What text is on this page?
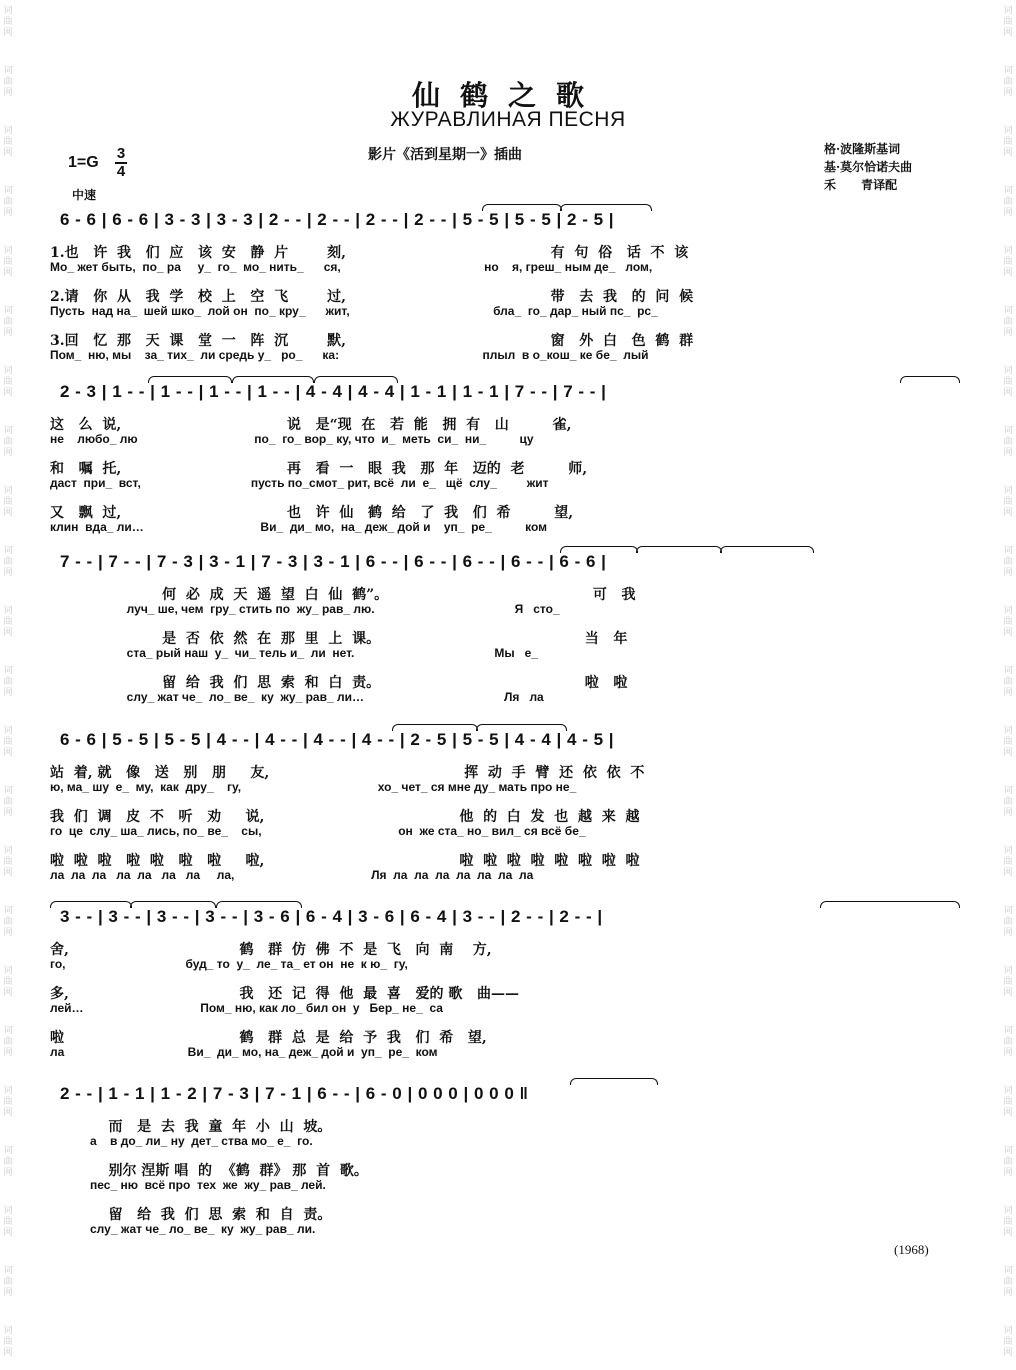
词曲网
词曲网
词曲网
词曲网
词曲网
词曲网
词曲网
词曲网
词曲网
词曲网
词曲网
词曲网
词曲网
词曲网
词曲网
词曲网
词曲网
词曲网
词曲网
词曲网
词曲网
词曲网
词曲网
词曲网
词曲网
词曲网
词曲网
词曲网
词曲网
词曲网
词曲网
词曲网
词曲网
词曲网
词曲网
词曲网
词曲网
词曲网
词曲网
词曲网
词曲网
词曲网
词曲网
词曲网
词曲网
词曲网
仙鹤之歌
ЖУРАВЛИНАЯ ПЕСНЯ
影片《活到星期一》插曲
1=G
3
4
中速
格·波隆斯基词
基·莫尔恰诺夫曲
禾      青译配
6 - 6 | 6 - 6 | 3 - 3 | 3 - 3 | 2 - - | 2 - - | 2 - - | 2 - - | 5 - 5 | 5 - 5 | 2 - 5 |
1.也   许  我   们  应   该  安   静  片        刻,                                          有  句  俗   话  不  该
Мо_ жет быть,  по_ ра     у_  го_  мо_ нить_      ся,                                           но    я, греш_ ным де_   лом,
2.请   你  从   我  学   校  上   空  飞        过,                                          带   去  我   的  问  候
Пусть  над на_  шей шко_  лой он  по_ кру_      жит,                                           бла_  го_ дар_ ный пс_  рс_
3.回   忆  那   天  课   堂  一   阵  沉        默,                                          窗   外  白   色  鹤  群
Пом_  ню, мы    за_ тих_  ли средь у_   ро_      ка:                                           плыл  в о_кош_ ке бе_  лый
2 - 3 | 1 - - | 1 - - | 1 - - | 1 - - | 4 - 4 | 4 - 4 | 1 - 1 | 1 - 1 | 7 - - | 7 - - |
这   么  说,                                  说   是“现  在   若  能   拥  有   山         雀,
не    любо_ лю                                   по_  го_ вор_ ку, что  и_  меть  си_  ни_          цу
和   嘱  托,                                  再   看  一   眼  我   那  年   迈的  老         师,
даст  при_  вст,                                 пусть по_смот_ рит, всё  ли  е_   щё  слу_         жит
又   飘  过,                                  也   许  仙   鹤  给   了  我   们  希         望,
клин  вда_ ли…                                   Ви_  ди_ мо,  на_ деж_ дой и    уп_  ре_          ком
7 - - | 7 - - | 7 - 3 | 3 - 1 | 7 - 3 | 3 - 1 | 6 - - | 6 - - | 6 - - | 6 - - | 6 - 6 |
何  必  成  天  遥  望  白  仙  鹤”。                                          可   我
луч_ ше, чем  гру_ стить по  жу_ рав_ лю.                                          Я   сто_
是  否  依  然  在  那  里  上  课。                                          当   年
ста_ рый наш  у_  чи_ тель и_  ли  нет.                                          Мы   е_
留  给  我  们  思  索  和  白  责。                                          啦   啦
слу_ жат че_  ло_ ве_  ку  жу_ рав_ ли…                                          Ля   ла
6 - 6 | 5 - 5 | 5 - 5 | 4 - - | 4 - - | 4 - - | 4 - - | 2 - 5 | 5 - 5 | 4 - 4 | 4 - 5 |
站  着, 就   像   送   别   朋     友,                                        挥  动  手  臂  还  依  依  不
ю, ма_ шу  е_  му,  как  дру_    гу,                                         хо_ чет_ ся мне ду_ мать про не_
我  们  调   皮  不   听   劝     说,                                        他  的  白  发  也  越  来  越
го  це  слу_ ша_ лись, по_ ве_    сы,                                         он  же ста_ но_ вил_ ся всё бе_
啦  啦  啦   啦  啦   啦   啦     啦,                                        啦  啦  啦  啦  啦  啦  啦  啦
ла  ла  ла   ла  ла   ла   ла     ла,                                         Ля  ла  ла  ла  ла  ла  ла  ла
3 - - | 3 - - | 3 - - | 3 - - | 3 - 6 | 6 - 4 | 3 - 6 | 6 - 4 | 3 - - | 2 - - | 2 - - |
舍,                                   鹤   群  仿  佛  不  是  飞   向  南    方,
го,                                    буд_ то  у_  ле_ та_ ет он  не  к ю_  гу,
多,                                   我   还  记  得  他  最  喜   爱的 歌   曲——
лей…                                   Пом_ ню, как ло_ бил он  у   Бер_ не_  са
啦                                    鹤   群  总  是  给  予  我   们  希   望,
ла                                     Ви_  ди_ мо, на_ деж_ дой и  уп_  ре_  ком
2 - - | 1 - 1 | 1 - 2 | 7 - 3 | 7 - 1 | 6 - - | 6 - 0 | 0 0 0 | 0 0 0 ‖
而   是  去  我  童  年  小  山  坡。
а    в до_ ли_ ну  дет_ ства мо_ е_  го.
别尔 涅斯 唱  的  《鹤  群》 那  首  歌。
пес_ ню  всё про  тех  же  жу_ рав_ лей.
留   给  我  们  思  索  和  自  责。
слу_ жат че_ ло_ ве_  ку  жу_ рав_ ли.
(1968)
